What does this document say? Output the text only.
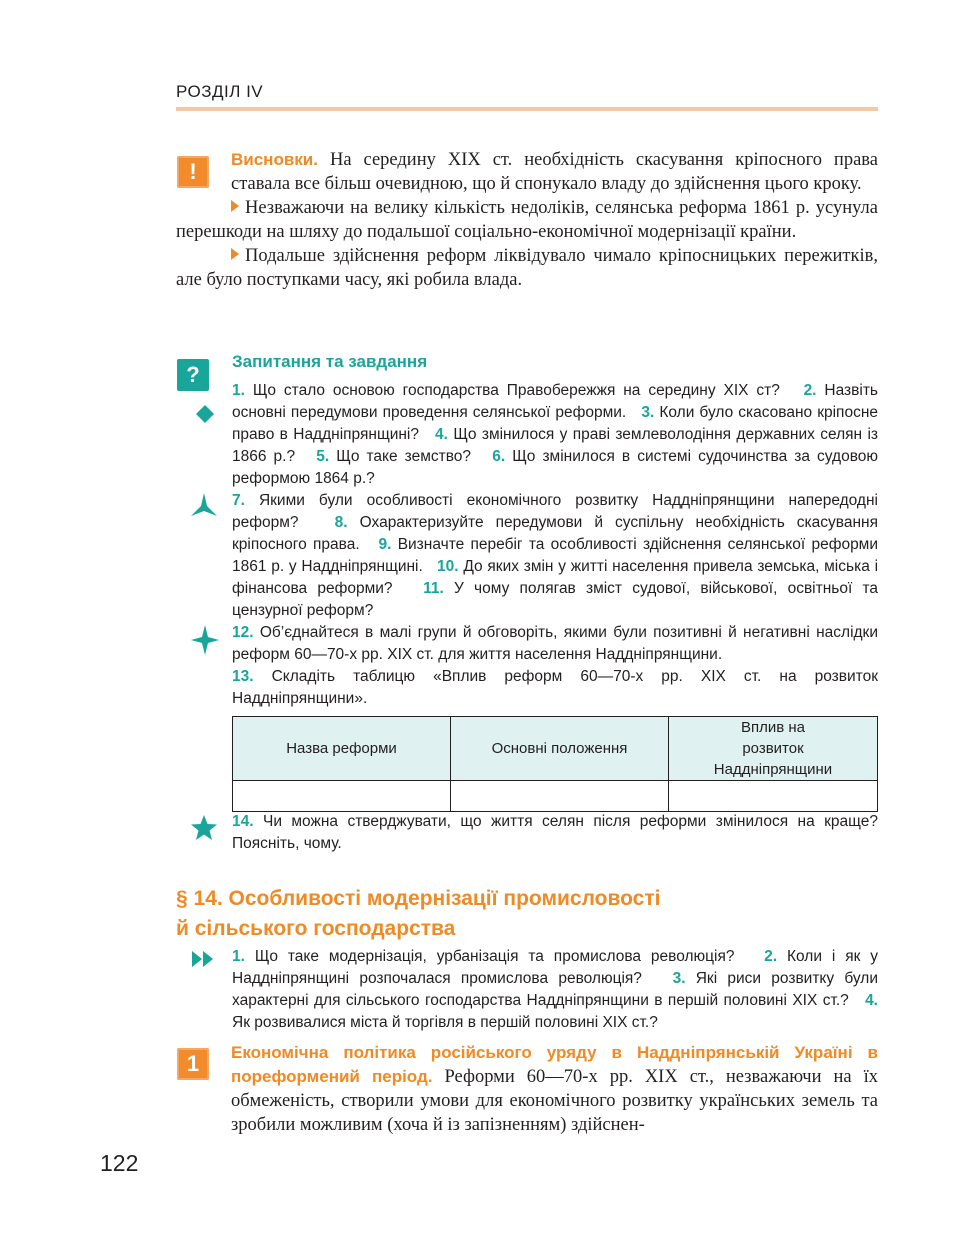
РОЗДІЛ IV
!	Висновки. На середину XIX ст. необхідність скасування кріпосного права ставала все більш очевидною, що й спонукало владу до здійснення цього кроку.
Незважаючи на велику кількість недоліків, селянська реформа 1861 р. усунула перешкоди на шляху до подальшої соціально-економічної модернізації країни.
Подальше здійснення реформ ліквідувало чимало кріпосницьких пережитків, але було поступками часу, які робила влада.
?
Запитання та завдання
1. Що стало основою господарства Правобережжя на середину XIX ст? 2. Назвіть основні передумови проведення селянської реформи. 3. Коли було скасовано кріпосне право в Наддніпрянщині? 4. Що змінилося у праві землеволодіння державних селян із 1866 р.? 5. Що таке земство? 6. Що змінилося в системі судочинства за судовою реформою 1864 р.?
7. Якими були особливості економічного розвитку Наддніпрянщини напередодні реформ? 8. Охарактеризуйте передумови й суспільну необхідність скасування кріпосного права. 9. Визначте перебіг та особливості здійснення селянської реформи 1861 р. у Наддніпрянщині. 10. До яких змін у житті населення привела земська, міська і фінансова реформи? 11. У чому полягав зміст судової, військової, освітньої та цензурної реформ?
12. Об’єднайтеся в малі групи й обговоріть, якими були позитивні й негативні наслідки реформ 60—70-х рр. XIX ст. для життя населення Наддніпрянщини.
13. Складіть таблицю «Вплив реформ 60—70-х рр. XIX ст. на розвиток Наддніпрянщини».
Назва реформи	Основні положення	Вплив на розвиток Наддніпрянщини

14. Чи можна стверджувати, що життя селян після реформи змінилося на краще? Поясніть, чому.
§ 14. Особливості модернізації промисловості
й сільського господарства
1. Що таке модернізація, урбанізація та промислова революція? 2. Коли і як у Наддніпрянщині розпочалася промислова революція? 3. Які риси розвитку були характерні для сільського господарства Наддніпрянщини в першій половині XIX ст.? 4. Як розвивалися міста й торгівля в першій половині XIX ст.?
1	Економічна політика російського уряду в Наддніпрянській Україні в пореформений період. Реформи 60—70-х рр. XIX ст., незважаючи на їх обмеженість, створили умови для економічного розвитку українських земель та зробили можливим (хоча й із запізненням) здійснен-
122
